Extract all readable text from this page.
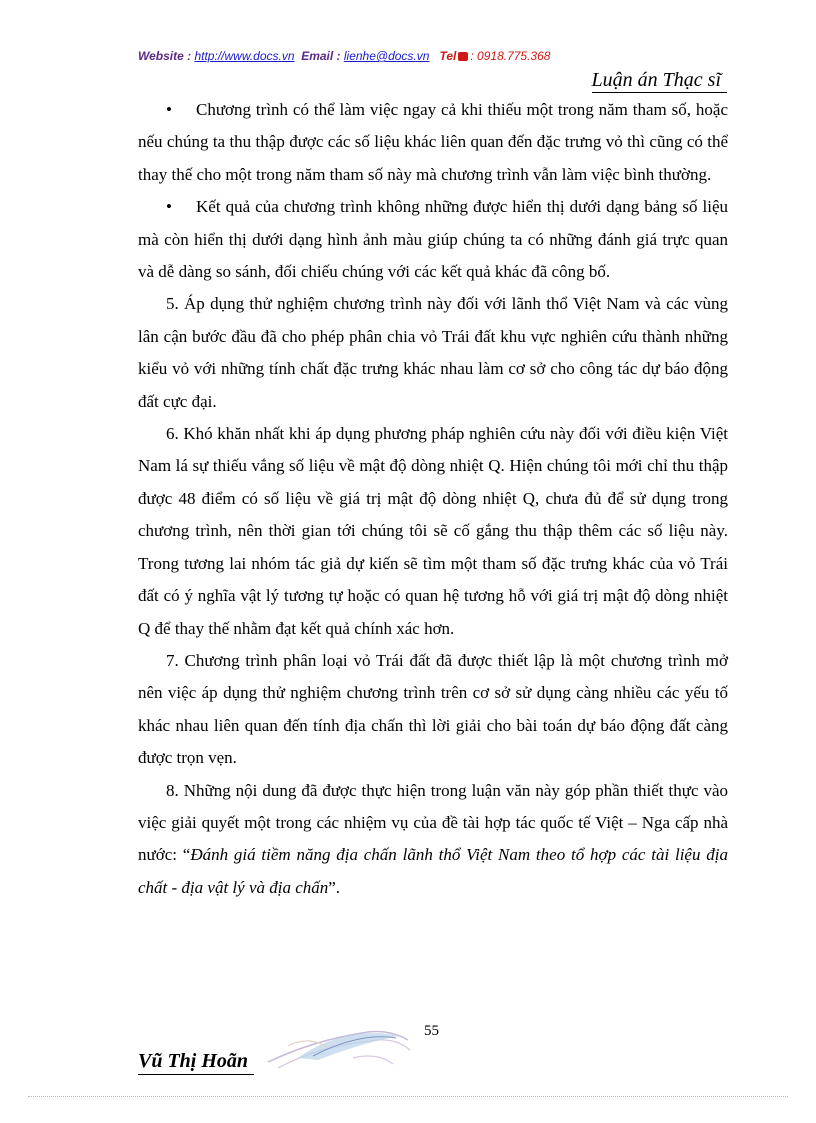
Website : http://www.docs.vn Email : lienhe@docs.vn Tel : 0918.775.368
Luận án Thạc sĩ

• Chương trình có thể làm việc ngay cả khi thiếu một trong năm tham số, hoặc nếu chúng ta thu thập được các số liệu khác liên quan đến đặc trưng vỏ thì cũng có thể thay thế cho một trong năm tham số này mà chương trình vẫn làm việc bình thường.

• Kết quả của chương trình không những được hiển thị dưới dạng bảng số liệu mà còn hiển thị dưới dạng hình ảnh màu giúp chúng ta có những đánh giá trực quan và dễ dàng so sánh, đối chiếu chúng với các kết quả khác đã công bố.

5. Áp dụng thử nghiệm chương trình này đối với lãnh thổ Việt Nam và các vùng lân cận bước đầu đã cho phép phân chia vỏ Trái đất khu vực nghiên cứu thành những kiểu vỏ với những tính chất đặc trưng khác nhau làm cơ sở cho công tác dự báo động đất cực đại.

6. Khó khăn nhất khi áp dụng phương pháp nghiên cứu này đối với điều kiện Việt Nam lá sự thiếu vắng số liệu về mật độ dòng nhiệt Q. Hiện chúng tôi mới chỉ thu thập được 48 điểm có số liệu về giá trị mật độ dòng nhiệt Q, chưa đủ để sử dụng trong chương trình, nên thời gian tới chúng tôi sẽ cố gắng thu thập thêm các số liệu này. Trong tương lai nhóm tác giả dự kiến sẽ tìm một tham số đặc trưng khác của vỏ Trái đất có ý nghĩa vật lý tương tự hoặc có quan hệ tương hỗ với giá trị mật độ dòng nhiệt Q để thay thế nhằm đạt kết quả chính xác hơn.

7. Chương trình phân loại vỏ Trái đất đã được thiết lập là một chương trình mở nên việc áp dụng thử nghiệm chương trình trên cơ sở sử dụng càng nhiều các yếu tố khác nhau liên quan đến tính địa chấn thì lời giải cho bài toán dự báo động đất càng được trọn vẹn.

8. Những nội dung đã được thực hiện trong luận văn này góp phần thiết thực vào việc giải quyết một trong các nhiệm vụ của đề tài hợp tác quốc tế Việt – Nga cấp nhà nước: “Đánh giá tiềm năng địa chấn lãnh thổ Việt Nam theo tổ hợp các tài liệu địa chất - địa vật lý và địa chấn”.

55
Vũ Thị Hoãn
